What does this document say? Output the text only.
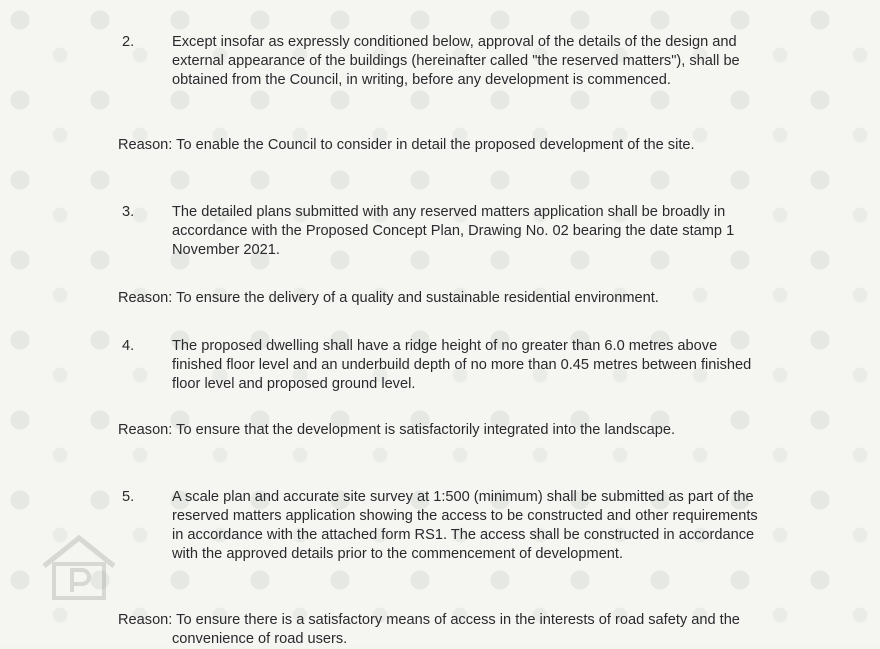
2.	Except insofar as expressly conditioned below, approval of the details of the design and external appearance of the buildings (hereinafter called "the reserved matters"), shall be obtained from the Council, in writing, before any development is commenced.
Reason: To enable the Council to consider in detail the proposed development of the site.
3.	The detailed plans submitted with any reserved matters application shall be broadly in accordance with the Proposed Concept Plan, Drawing No. 02 bearing the date stamp 1 November 2021.
Reason: To ensure the delivery of a quality and sustainable residential environment.
4.	The proposed dwelling shall have a ridge height of no greater than 6.0 metres above finished floor level and an underbuild depth of no more than 0.45 metres between finished floor level and proposed ground level.
Reason: To ensure that the development is satisfactorily integrated into the landscape.
5.	A scale plan and accurate site survey at 1:500 (minimum) shall be submitted as part of the reserved matters application showing the access to be constructed and other requirements in accordance with the attached form RS1. The access shall be constructed in accordance with the approved details prior to the commencement of development.
Reason: To ensure there is a satisfactory means of access in the interests of road safety and the convenience of road users.
